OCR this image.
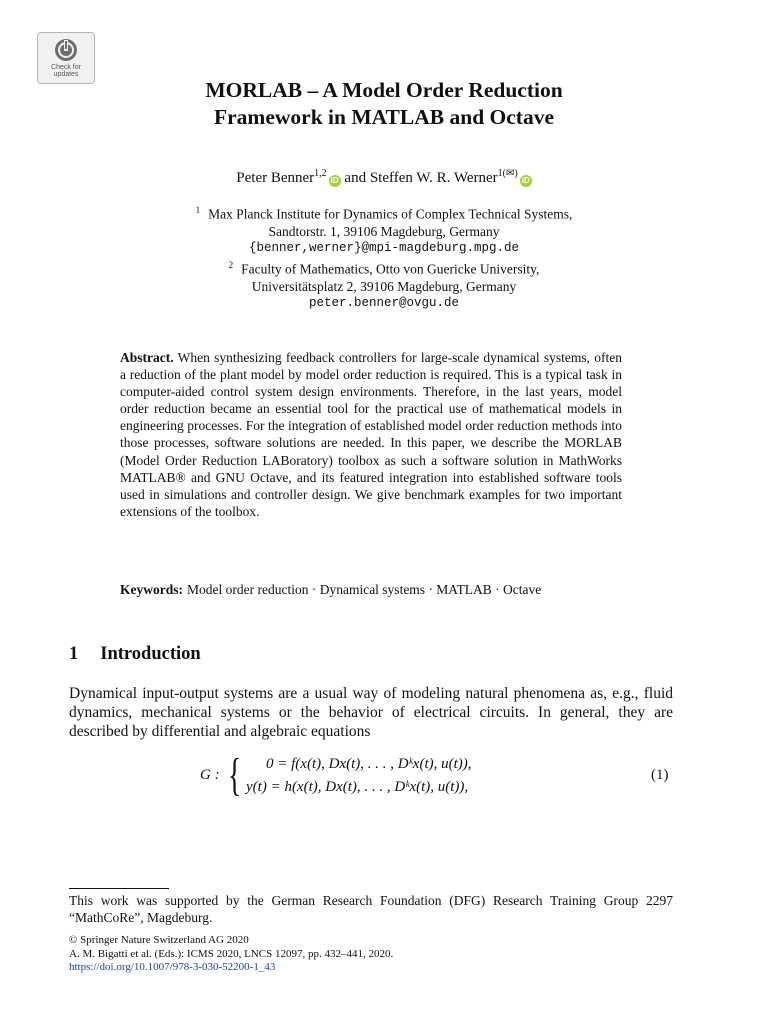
Check for
updates
MORLAB – A Model Order Reduction
Framework in MATLAB and Octave
Peter Benner$^{1,2}$iD and Steffen W. R. Werner$^{1(✉)}$iD
$^1$ Max Planck Institute for Dynamics of Complex Technical Systems,
Sandtorstr. 1, 39106 Magdeburg, Germany
{benner,werner}@mpi-magdeburg.mpg.de
$^2$ Faculty of Mathematics, Otto von Guericke University,
Universitätsplatz 2, 39106 Magdeburg, Germany
peter.benner@ovgu.de
Abstract. When synthesizing feedback controllers for large-scale dynamical systems, often a reduction of the plant model by model order reduction is required. This is a typical task in computer-aided control system design environments. Therefore, in the last years, model order reduction became an essential tool for the practical use of mathematical models in engineering processes. For the integration of established model order reduction methods into those processes, software solutions are needed. In this paper, we describe the MORLAB (Model Order Reduction LABoratory) toolbox as such a software solution in MathWorks MATLAB® and GNU Octave, and its featured integration into established software tools used in simulations and controller design. We give benchmark examples for two important extensions of the toolbox.
Keywords: Model order reduction · Dynamical systems · MATLAB · Octave
1 Introduction
Dynamical input-output systems are a usual way of modeling natural phenomena as, e.g., fluid dynamics, mechanical systems or the behavior of electrical circuits. In general, they are described by differential and algebraic equations
G : { 0 = f(x(t), Dx(t), . . . , Dᵏx(t), u(t)),
y(t) = h(x(t), Dx(t), . . . , Dᵏx(t), u(t)),
(1)
This work was supported by the German Research Foundation (DFG) Research Training Group 2297 “MathCoRe”, Magdeburg.
© Springer Nature Switzerland AG 2020
A. M. Bigatti et al. (Eds.): ICMS 2020, LNCS 12097, pp. 432–441, 2020.
https://doi.org/10.1007/978-3-030-52200-1_43
